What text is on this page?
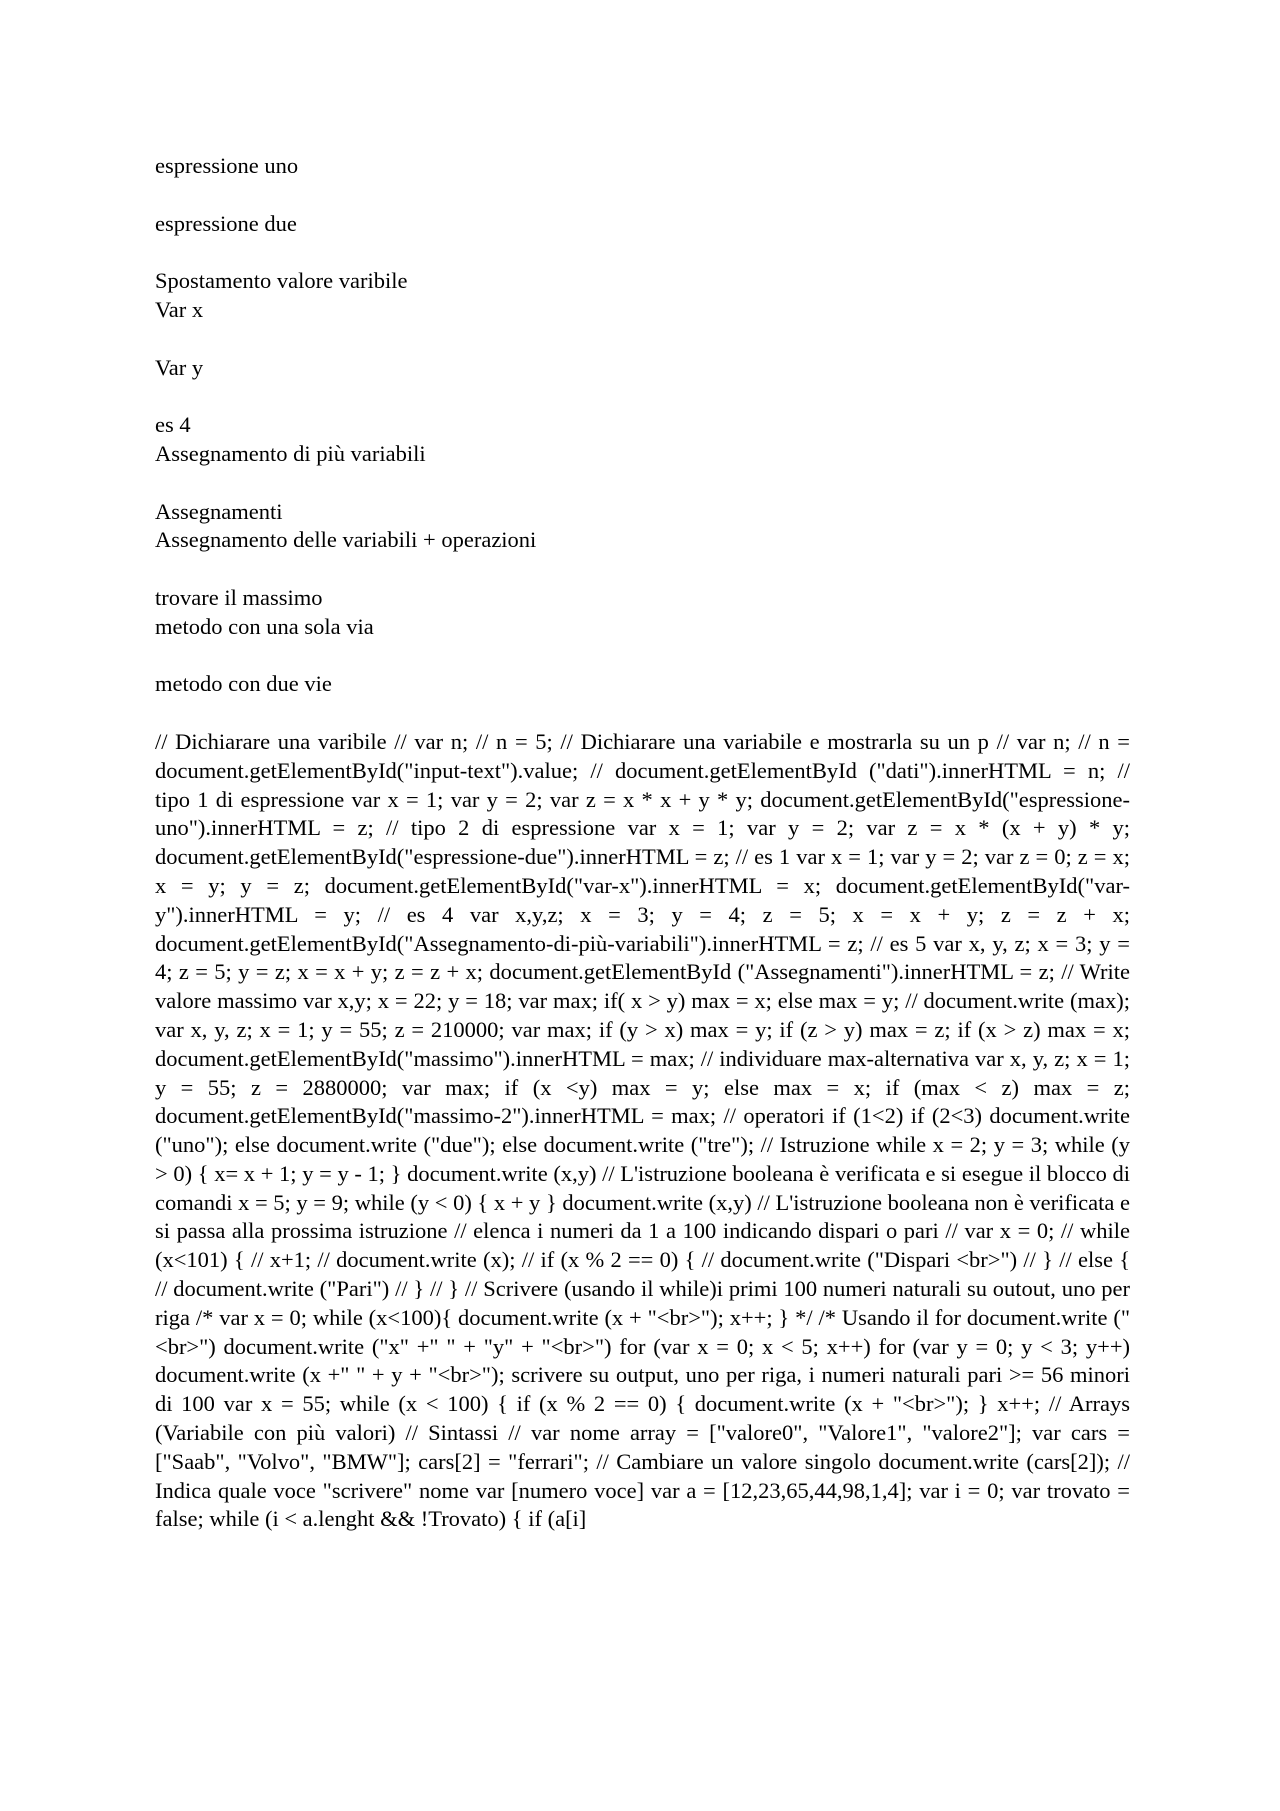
espressione uno
espressione due
Spostamento valore varibile
Var x
Var y
es 4
Assegnamento di più variabili
Assegnamenti
Assegnamento delle variabili + operazioni
trovare il massimo
metodo con una sola via
metodo con due vie

// Dichiarare una varibile // var n; // n = 5; // Dichiarare una variabile e mostrarla su un p // var n; // n = document.getElementById("input-text").value; // document.getElementById ("dati").innerHTML = n; // tipo 1 di espressione var x = 1; var y = 2; var z = x * x + y * y; document.getElementById("espressione-uno").innerHTML = z; // tipo 2 di espressione var x = 1; var y = 2; var z = x * (x + y) * y; document.getElementById("espressione-due").innerHTML = z; // es 1 var x = 1; var y = 2; var z = 0; z = x; x = y; y = z; document.getElementById("var-x").innerHTML = x; document.getElementById("var-y").innerHTML = y; // es 4 var x,y,z; x = 3; y = 4; z = 5; x = x + y; z = z + x; document.getElementById("Assegnamento-di-più-variabili").innerHTML = z; // es 5 var x, y, z; x = 3; y = 4; z = 5; y = z; x = x + y; z = z + x; document.getElementById ("Assegnamenti").innerHTML = z; // Write valore massimo var x,y; x = 22; y = 18; var max; if( x > y) max = x; else max = y; // document.write (max); var x, y, z; x = 1; y = 55; z = 210000; var max; if (y > x) max = y; if (z > y) max = z; if (x > z) max = x; document.getElementById("massimo").innerHTML = max; // individuare max-alternativa var x, y, z; x = 1; y = 55; z = 2880000; var max; if (x <y) max = y; else max = x; if (max < z) max = z; document.getElementById("massimo-2").innerHTML = max; // operatori if (1<2) if (2<3) document.write ("uno"); else document.write ("due"); else document.write ("tre"); // Istruzione while x = 2; y = 3; while (y > 0) { x= x + 1; y = y - 1; } document.write (x,y) // L'istruzione booleana è verificata e si esegue il blocco di comandi x = 5; y = 9; while (y < 0) { x + y } document.write (x,y) // L'istruzione booleana non è verificata e si passa alla prossima istruzione // elenca i numeri da 1 a 100 indicando dispari o pari // var x = 0; // while (x<101) { // x+1; // document.write (x); // if (x % 2 == 0) { // document.write ("Dispari <br>") // } // else { // document.write ("Pari") // } // } // Scrivere (usando il while)i primi 100 numeri naturali su outout, uno per riga /* var x = 0; while (x<100){ document.write (x + "<br>"); x++; } */ /* Usando il for document.write ("<br>") document.write ("x" +" " + "y" + "<br>") for (var x = 0; x < 5; x++) for (var y = 0; y < 3; y++) document.write (x +" " + y + "<br>"); scrivere su output, uno per riga, i numeri naturali pari >= 56 minori di 100 var x = 55; while (x < 100) { if (x % 2 == 0) { document.write (x + "<br>"); } x++; // Arrays (Variabile con più valori) // Sintassi // var nome array = ["valore0", "Valore1", "valore2"]; var cars = ["Saab", "Volvo", "BMW"]; cars[2] = "ferrari"; // Cambiare un valore singolo document.write (cars[2]); // Indica quale voce "scrivere" nome var [numero voce] var a = [12,23,65,44,98,1,4]; var i = 0; var trovato = false; while (i < a.lenght && !Trovato) { if (a[i]
